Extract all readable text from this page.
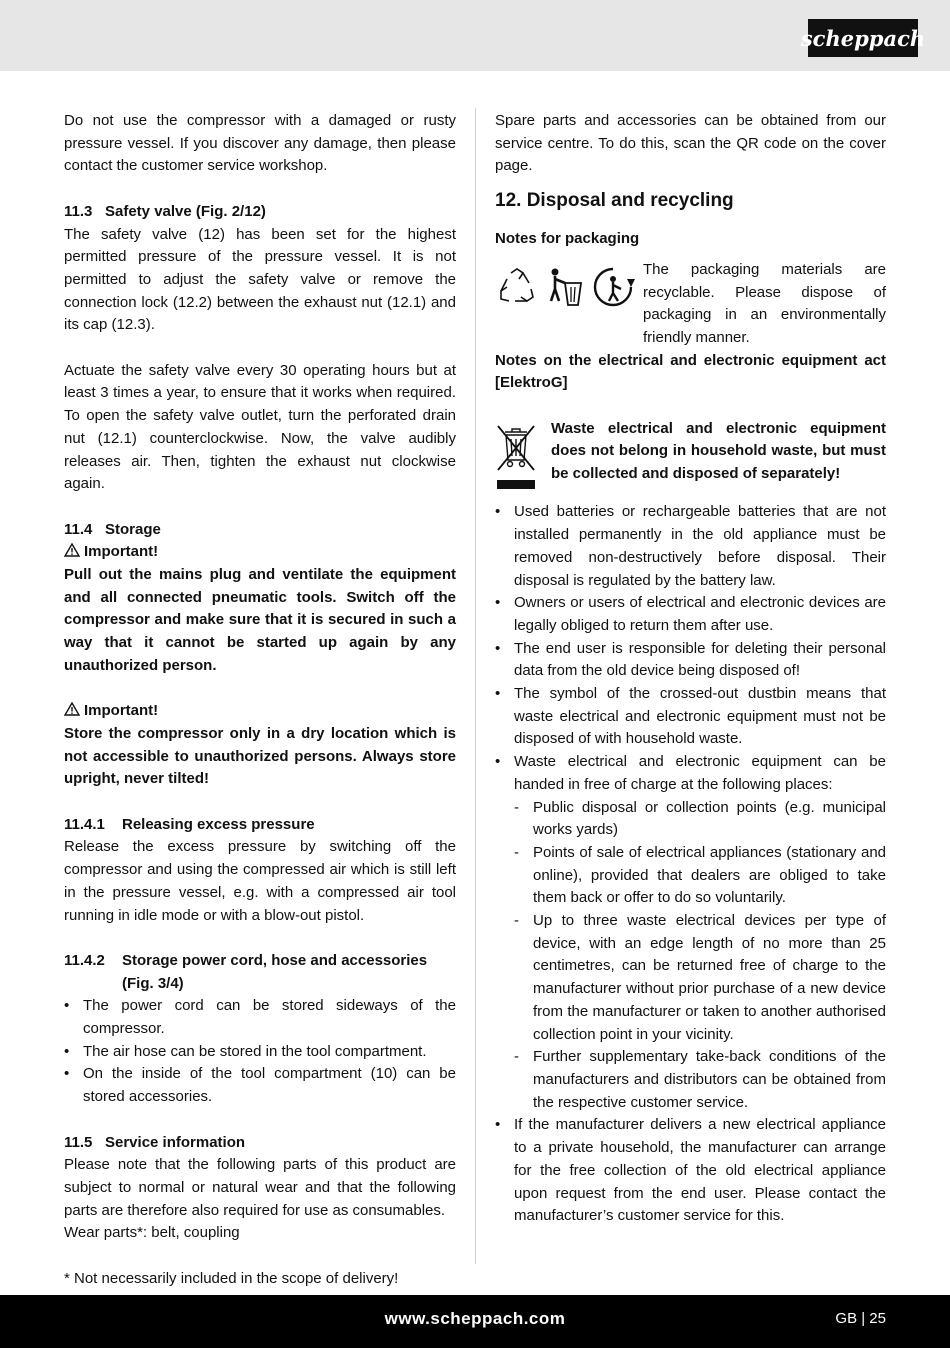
scheppach

Do not use the compressor with a damaged or rusty pressure vessel. If you discover any damage, then please contact the customer service workshop.

11.3 Safety valve (Fig. 2/12)

The safety valve (12) has been set for the highest permitted pressure of the pressure vessel. It is not permitted to adjust the safety valve or remove the connection lock (12.2) between the exhaust nut (12.1) and its cap (12.3).

Actuate the safety valve every 30 operating hours but at least 3 times a year, to ensure that it works when required. To open the safety valve outlet, turn the perforated drain nut (12.1) counterclockwise. Now, the valve audibly releases air. Then, tighten the exhaust nut clockwise again.

11.4 Storage
Important!

Pull out the mains plug and ventilate the equipment and all connected pneumatic tools. Switch off the compressor and make sure that it is secured in such a way that it cannot be started up again by any unauthorized person.

Important!

Store the compressor only in a dry location which is not accessible to unauthorized persons. Always store upright, never tilted!

11.4.1	Releasing excess pressure

Release the excess pressure by switching off the compressor and using the compressed air which is still left in the pressure vessel, e.g. with a compressed air tool running in idle mode or with a blow-out pistol.

11.4.2	Storage power cord, hose and accessories (Fig. 3/4)
• The power cord can be stored sideways of the compressor.
• The air hose can be stored in the tool compartment.
• On the inside of the tool compartment (10) can be stored accessories.
11.5 Service information

Please note that the following parts of this product are subject to normal or natural wear and that the following parts are therefore also required for use as consumables.

Wear parts*: belt, coupling

* Not necessarily included in the scope of delivery!

Spare parts and accessories can be obtained from our service centre. To do this, scan the QR code on the cover page.

12. Disposal and recycling
Notes for packaging

The packaging materials are recyclable. Please dispose of packaging in an environmentally friendly manner.

Notes on the electrical and electronic equipment act [ElektroG]

Waste electrical and electronic equipment does not belong in household waste, but must be collected and disposed of separately!

• Used batteries or rechargeable batteries that are not installed permanently in the old appliance must be removed non-destructively before disposal. Their disposal is regulated by the battery law.
• Owners or users of electrical and electronic devices are legally obliged to return them after use.
• The end user is responsible for deleting their personal data from the old device being disposed of!
• The symbol of the crossed-out dustbin means that waste electrical and electronic equipment must not be disposed of with household waste.
• Waste electrical and electronic equipment can be handed in free of charge at the following places:
- Public disposal or collection points (e.g. municipal works yards)
- Points of sale of electrical appliances (stationary and online), provided that dealers are obliged to take them back or offer to do so voluntarily.
- Up to three waste electrical devices per type of device, with an edge length of no more than 25 centimetres, can be returned free of charge to the manufacturer without prior purchase of a new device from the manufacturer or taken to another authorised collection point in your vicinity.
- Further supplementary take-back conditions of the manufacturers and distributors can be obtained from the respective customer service.
• If the manufacturer delivers a new electrical appliance to a private household, the manufacturer can arrange for the free collection of the old electrical appliance upon request from the end user. Please contact the manufacturer’s customer service for this.
www.scheppach.com	GB | 25
